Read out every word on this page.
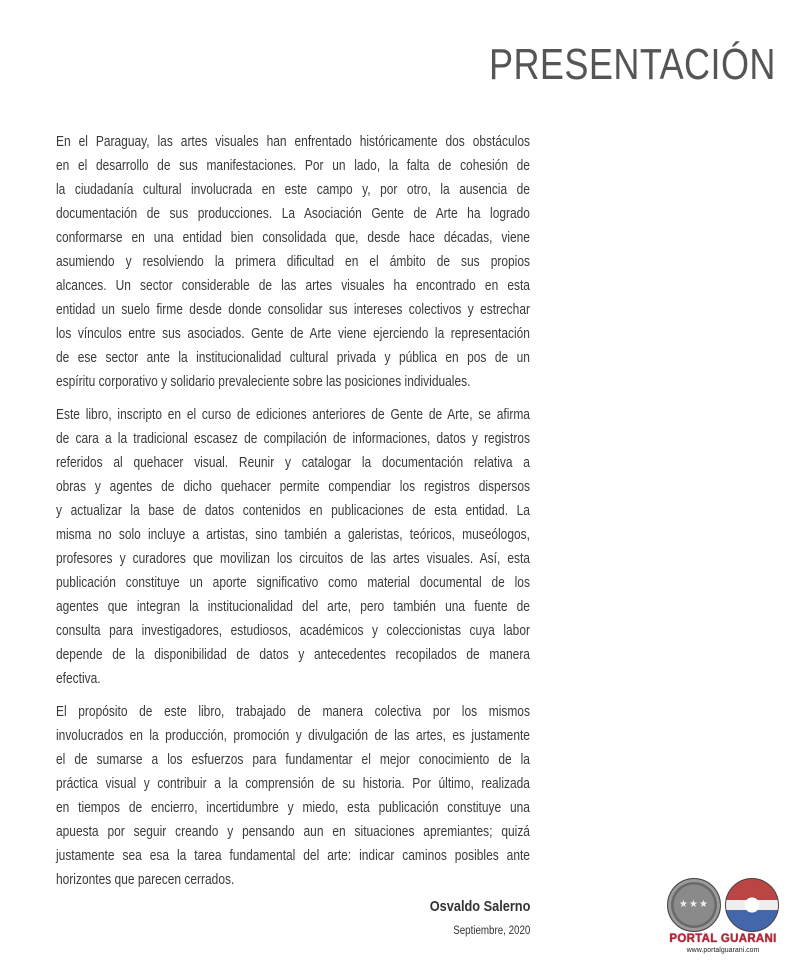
PRESENTACIÓN
En el Paraguay, las artes visuales han enfrentado históricamente dos obstáculos
en el desarrollo de sus manifestaciones. Por un lado, la falta de cohesión de
la ciudadanía cultural involucrada en este campo y, por otro, la ausencia de
documentación de sus producciones. La Asociación Gente de Arte ha logrado
conformarse en una entidad bien consolidada que, desde hace décadas, viene
asumiendo y resolviendo la primera dificultad en el ámbito de sus propios
alcances. Un sector considerable de las artes visuales ha encontrado en esta
entidad un suelo firme desde donde consolidar sus intereses colectivos y estrechar
los vínculos entre sus asociados. Gente de Arte viene ejerciendo la representación
de ese sector ante la institucionalidad cultural privada y pública en pos de un
espíritu corporativo y solidario prevaleciente sobre las posiciones individuales.
Este libro, inscripto en el curso de ediciones anteriores de Gente de Arte, se afirma
de cara a la tradicional escasez de compilación de informaciones, datos y registros
referidos al quehacer visual. Reunir y catalogar la documentación relativa a
obras y agentes de dicho quehacer permite compendiar los registros dispersos
y actualizar la base de datos contenidos en publicaciones de esta entidad. La
misma no solo incluye a artistas, sino también a galeristas, teóricos, museólogos,
profesores y curadores que movilizan los circuitos de las artes visuales. Así, esta
publicación constituye un aporte significativo como material documental de los
agentes que integran la institucionalidad del arte, pero también una fuente de
consulta para investigadores, estudiosos, académicos y coleccionistas cuya labor
depende de la disponibilidad de datos y antecedentes recopilados de manera
efectiva.
El propósito de este libro, trabajado de manera colectiva por los mismos
involucrados en la producción, promoción y divulgación de las artes, es justamente
el de sumarse a los esfuerzos para fundamentar el mejor conocimiento de la
práctica visual y contribuir a la comprensión de su historia. Por último, realizada
en tiempos de encierro, incertidumbre y miedo, esta publicación constituye una
apuesta por seguir creando y pensando aun en situaciones apremiantes; quizá
justamente sea esa la tarea fundamental del arte: indicar caminos posibles ante
horizontes que parecen cerrados.
Osvaldo Salerno
Septiembre, 2020
★★★
PORTAL GUARANI
www.portalguarani.com
